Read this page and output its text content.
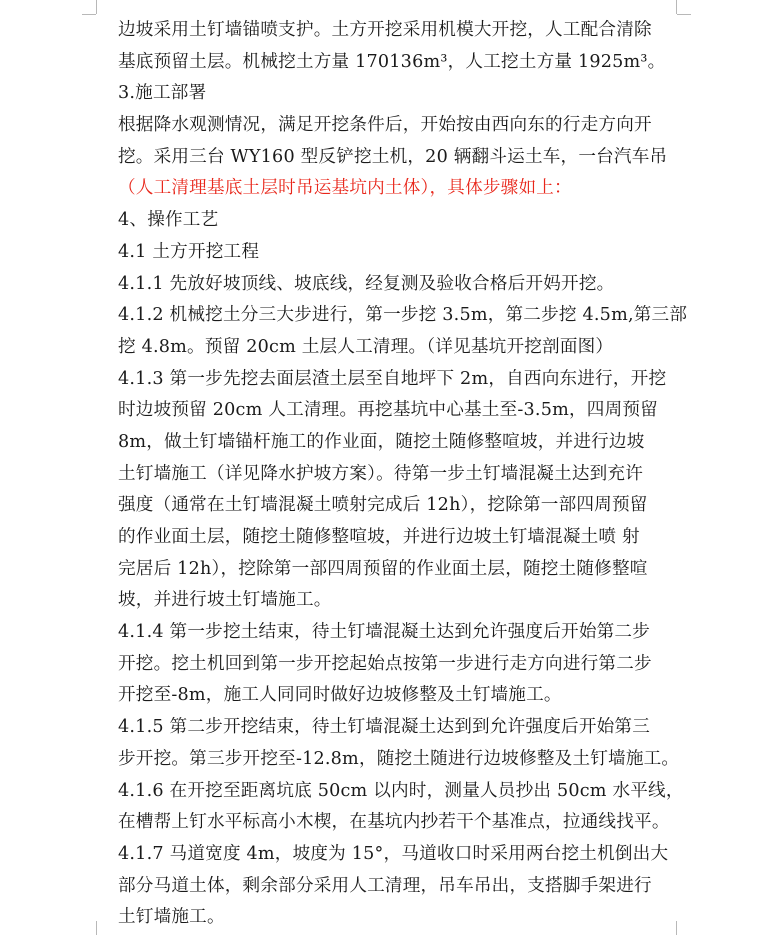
边坡采用土钉墙锚喷支护。土方开挖采用机模大开挖，人工配合清除
基底预留土层。机械挖土方量 170136m³，人工挖土方量 1925m³。
3.施工部署
根据降水观测情况，满足开挖条件后，开始按由西向东的行走方向开
挖。采用三台 WY160 型反铲挖土机，20 辆翻斗运土车，一台汽车吊
（人工清理基底土层时吊运基坑内土体），具体步骤如上：
4、操作工艺
4.1 土方开挖工程
4.1.1 先放好坡顶线、坡底线，经复测及验收合格后开妈开挖。
4.1.2 机械挖土分三大步进行，第一步挖 3.5m，第二步挖 4.5m,第三部
挖 4.8m。预留 20cm 土层人工清理。（详见基坑开挖剖面图）
4.1.3 第一步先挖去面层渣土层至自地坪下 2m，自西向东进行，开挖
时边坡预留 20cm 人工清理。再挖基坑中心基土至-3.5m，四周预留
8m，做土钉墙锚杆施工的作业面，随挖土随修整喧坡，并进行边坡
土钉墙施工（详见降水护坡方案）。待第一步土钉墙混凝土达到充许
强度（通常在土钉墙混凝土喷射完成后 12h），挖除第一部四周预留
的作业面土层，随挖土随修整喧坡，并进行边坡土钉墙混凝土喷 射
完居后 12h），挖除第一部四周预留的作业面土层，随挖土随修整喧
坡，并进行坡土钉墙施工。
4.1.4 第一步挖土结束，待土钉墙混凝土达到允许强度后开始第二步
开挖。挖土机回到第一步开挖起始点按第一步进行走方向进行第二步
开挖至-8m，施工人同同时做好边坡修整及土钉墙施工。
4.1.5 第二步开挖结束，待土钉墙混凝土达到到允许强度后开始第三
步开挖。第三步开挖至-12.8m，随挖土随进行边坡修整及土钉墙施工。
4.1.6 在开挖至距离坑底 50cm 以内时，测量人员抄出 50cm 水平线，
在槽帮上钉水平标高小木楔，在基坑内抄若干个基准点，拉通线找平。
4.1.7 马道宽度 4m，坡度为 15°，马道收口时采用两台挖土机倒出大
部分马道土体，剩余部分采用人工清理，吊车吊出，支搭脚手架进行
土钉墙施工。
